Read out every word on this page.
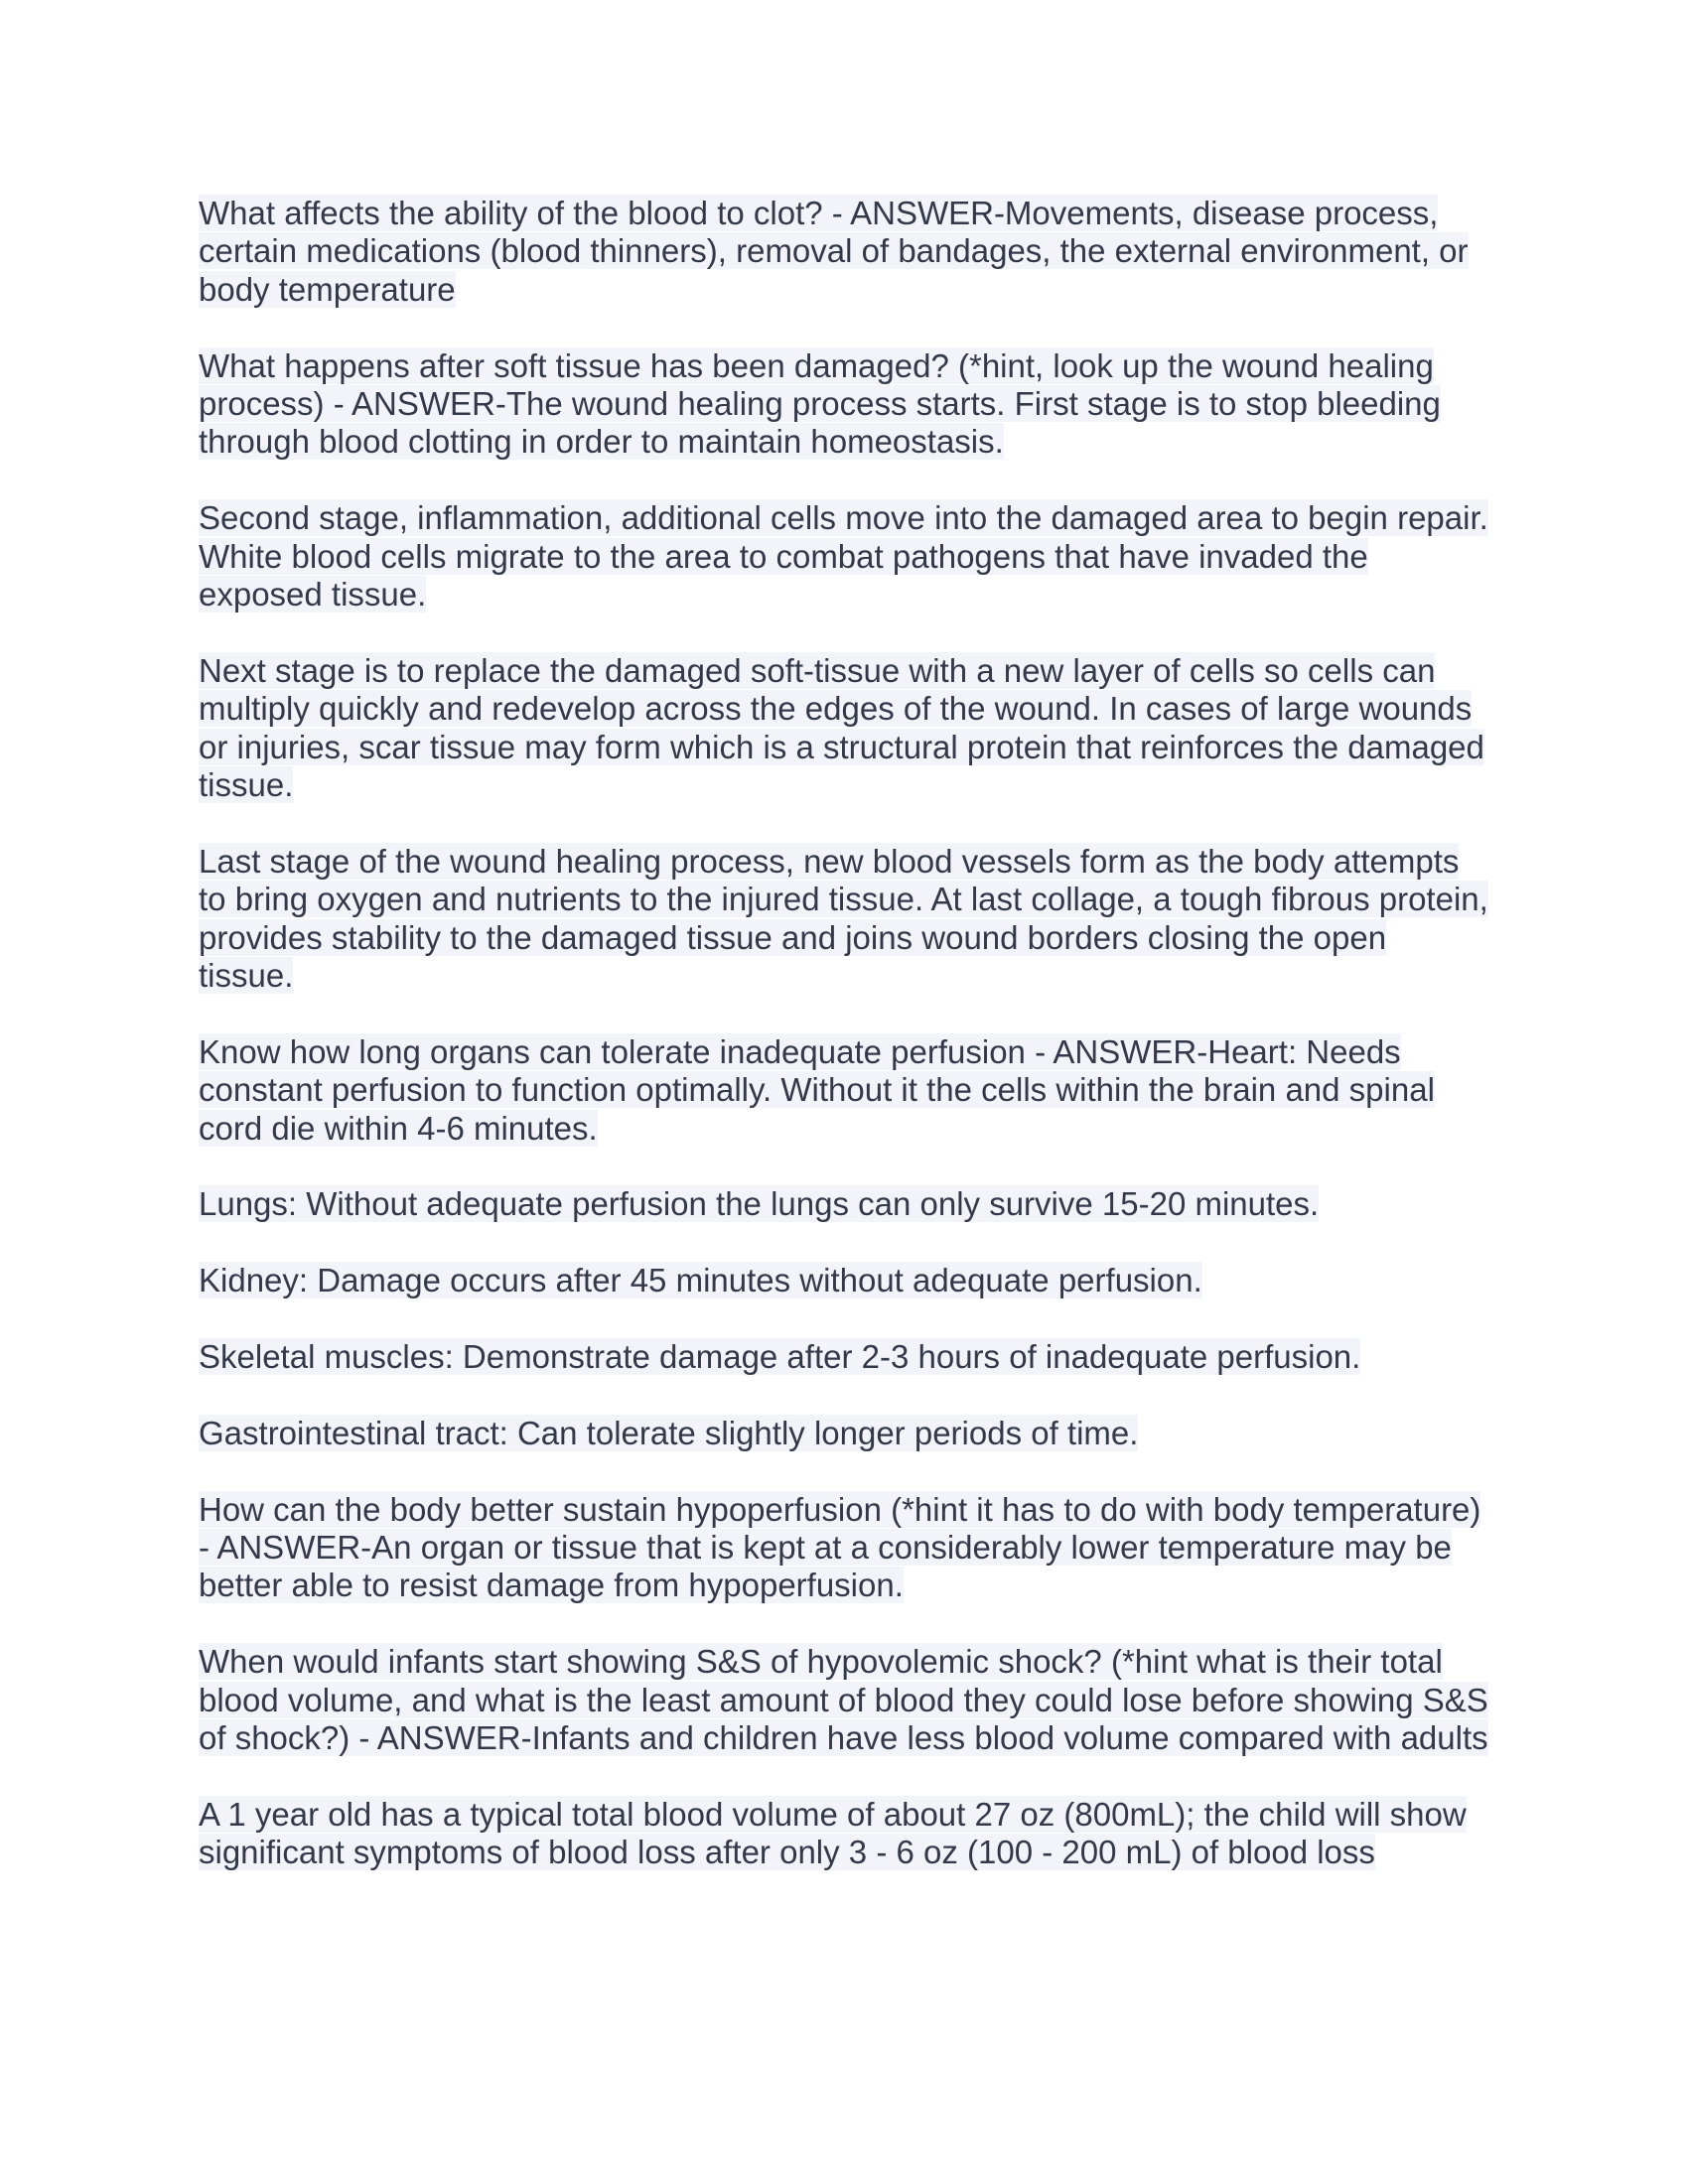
What affects the ability of the blood to clot? - ANSWER-Movements, disease process, certain medications (blood thinners), removal of bandages, the external environment, or body temperature

What happens after soft tissue has been damaged? (*hint, look up the wound healing process) - ANSWER-The wound healing process starts. First stage is to stop bleeding through blood clotting in order to maintain homeostasis.

Second stage, inflammation, additional cells move into the damaged area to begin repair. White blood cells migrate to the area to combat pathogens that have invaded the exposed tissue.

Next stage is to replace the damaged soft-tissue with a new layer of cells so cells can multiply quickly and redevelop across the edges of the wound. In cases of large wounds or injuries, scar tissue may form which is a structural protein that reinforces the damaged tissue.

Last stage of the wound healing process, new blood vessels form as the body attempts to bring oxygen and nutrients to the injured tissue. At last collage, a tough fibrous protein, provides stability to the damaged tissue and joins wound borders closing the open tissue.

Know how long organs can tolerate inadequate perfusion - ANSWER-Heart: Needs constant perfusion to function optimally. Without it the cells within the brain and spinal cord die within 4-6 minutes.

Lungs: Without adequate perfusion the lungs can only survive 15-20 minutes.

Kidney: Damage occurs after 45 minutes without adequate perfusion.

Skeletal muscles: Demonstrate damage after 2-3 hours of inadequate perfusion.

Gastrointestinal tract: Can tolerate slightly longer periods of time.

How can the body better sustain hypoperfusion (*hint it has to do with body temperature) - ANSWER-An organ or tissue that is kept at a considerably lower temperature may be better able to resist damage from hypoperfusion.

When would infants start showing S&S of hypovolemic shock? (*hint what is their total blood volume, and what is the least amount of blood they could lose before showing S&S of shock?) - ANSWER-Infants and children have less blood volume compared with adults

A 1 year old has a typical total blood volume of about 27 oz (800mL); the child will show significant symptoms of blood loss after only 3 - 6 oz (100 - 200 mL) of blood loss
